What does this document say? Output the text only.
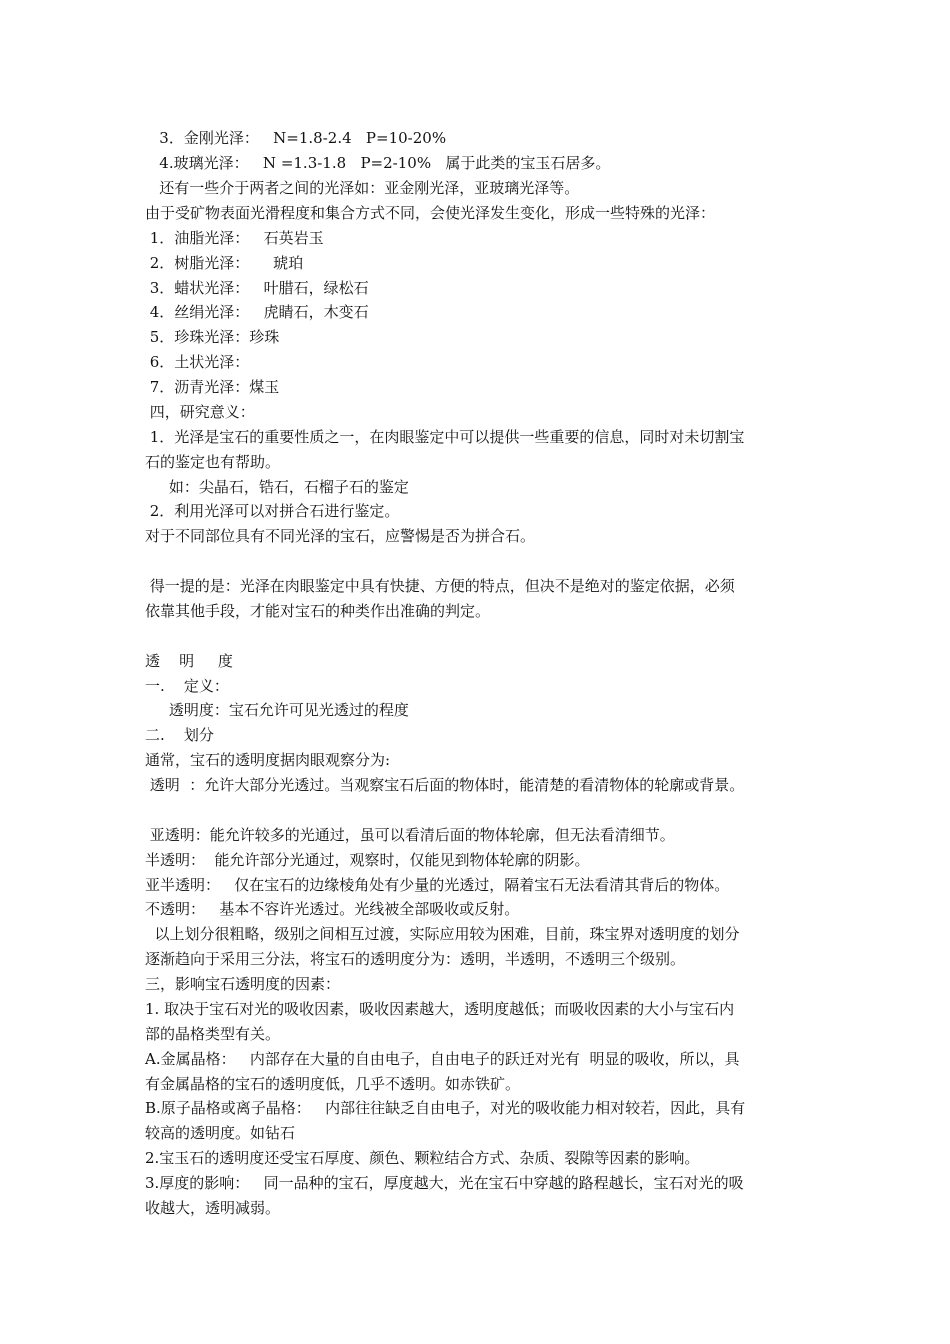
3．金刚光泽：   N=1.8-2.4   P=10-20%
4.玻璃光泽：   N =1.3-1.8   P=2-10%   属于此类的宝玉石居多。
还有一些介于两者之间的光泽如：亚金刚光泽，亚玻璃光泽等。
由于受矿物表面光滑程度和集合方式不同，会使光泽发生变化，形成一些特殊的光泽：
1．油脂光泽：   石英岩玉
2．树脂光泽：     琥珀
3．蜡状光泽：   叶腊石，绿松石
4．丝绢光泽：   虎睛石，木变石
5．珍珠光泽：珍珠
6．土状光泽：
7．沥青光泽：煤玉
四，研究意义：
1．光泽是宝石的重要性质之一，在肉眼鉴定中可以提供一些重要的信息，同时对未切割宝
石的鉴定也有帮助。
如：尖晶石，锆石，石榴子石的鉴定
2．利用光泽可以对拼合石进行鉴定。
对于不同部位具有不同光泽的宝石，应警惕是否为拼合石。
得一提的是：光泽在肉眼鉴定中具有快捷、方便的特点，但决不是绝对的鉴定依据，必须
依靠其他手段，才能对宝石的种类作出准确的判定。
透    明     度
一.    定义：
透明度：宝石允许可见光透过的程度
二.    划分
通常，宝石的透明度据肉眼观察分为:
透明  ：允许大部分光透过。当观察宝石后面的物体时，能清楚的看清物体的轮廓或背景。
亚透明：能允许较多的光通过，虽可以看清后面的物体轮廓，但无法看清细节。
半透明：  能允许部分光通过，观察时，仅能见到物体轮廓的阴影。
亚半透明：   仅在宝石的边缘棱角处有少量的光透过，隔着宝石无法看清其背后的物体。
不透明：   基本不容许光透过。光线被全部吸收或反射。
以上划分很粗略，级别之间相互过渡，实际应用较为困难，目前，珠宝界对透明度的划分
逐渐趋向于采用三分法，将宝石的透明度分为：透明，半透明，不透明三个级别。
三，影响宝石透明度的因素：
1. 取决于宝石对光的吸收因素，吸收因素越大，透明度越低；而吸收因素的大小与宝石内
部的晶格类型有关。
A.金属晶格：   内部存在大量的自由电子，自由电子的跃迁对光有  明显的吸收，所以，具
有金属晶格的宝石的透明度低，几乎不透明。如赤铁矿。
B.原子晶格或离子晶格：   内部往往缺乏自由电子，对光的吸收能力相对较若，因此，具有
较高的透明度。如钻石
2.宝玉石的透明度还受宝石厚度、颜色、颗粒结合方式、杂质、裂隙等因素的影响。
3.厚度的影响：   同一品种的宝石，厚度越大，光在宝石中穿越的路程越长，宝石对光的吸
收越大，透明减弱。
